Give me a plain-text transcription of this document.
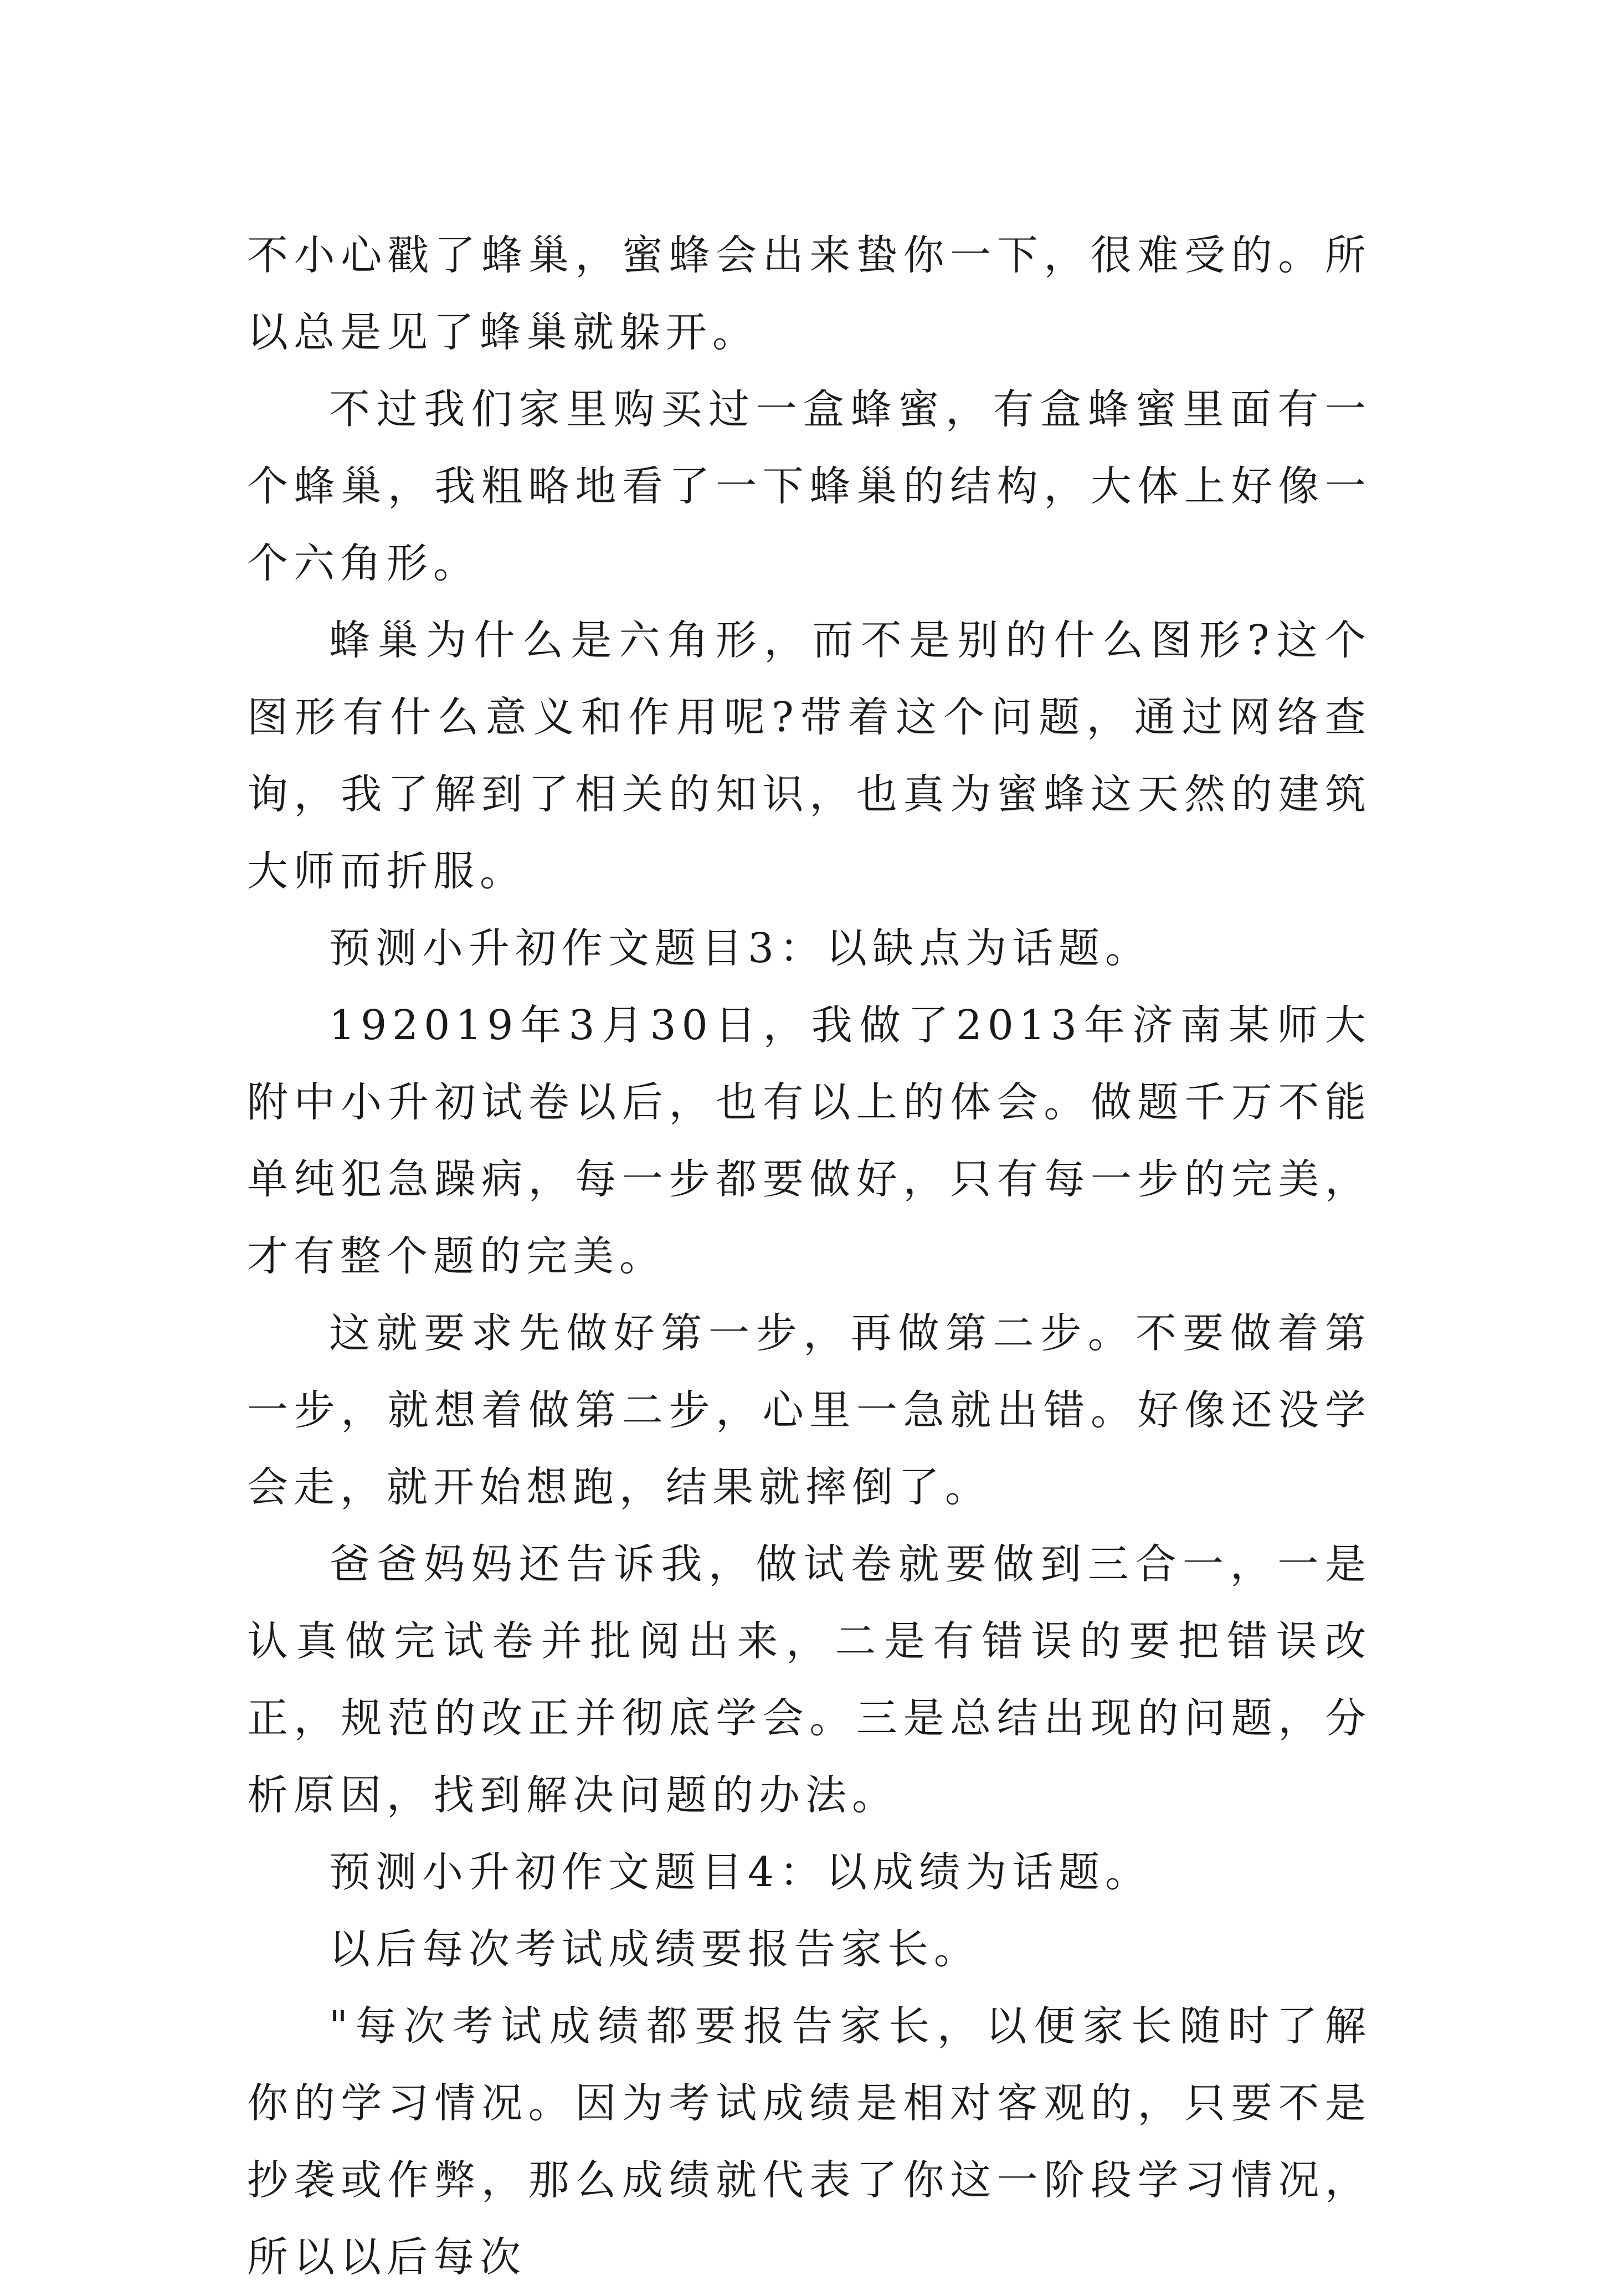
不小心戳了蜂巢，蜜蜂会出来蛰你一下，很难受的。所以总是见了蜂巢就躲开。

不过我们家里购买过一盒蜂蜜，有盒蜂蜜里面有一个蜂巢，我粗略地看了一下蜂巢的结构，大体上好像一个六角形。

蜂巢为什么是六角形，而不是别的什么图形?这个图形有什么意义和作用呢?带着这个问题，通过网络查询，我了解到了相关的知识，也真为蜜蜂这天然的建筑大师而折服。

预测小升初作文题目3：以缺点为话题。

192019年3月30日，我做了2013年济南某师大附中小升初试卷以后，也有以上的体会。做题千万不能单纯犯急躁病，每一步都要做好，只有每一步的完美，才有整个题的完美。

这就要求先做好第一步，再做第二步。不要做着第一步，就想着做第二步，心里一急就出错。好像还没学会走，就开始想跑，结果就摔倒了。

爸爸妈妈还告诉我，做试卷就要做到三合一，一是认真做完试卷并批阅出来，二是有错误的要把错误改正，规范的改正并彻底学会。三是总结出现的问题，分析原因，找到解决问题的办法。

预测小升初作文题目4：以成绩为话题。

以后每次考试成绩要报告家长。

"每次考试成绩都要报告家长，以便家长随时了解你的学习情况。因为考试成绩是相对客观的，只要不是抄袭或作弊，那么成绩就代表了你这一阶段学习情况，所以以后每次
